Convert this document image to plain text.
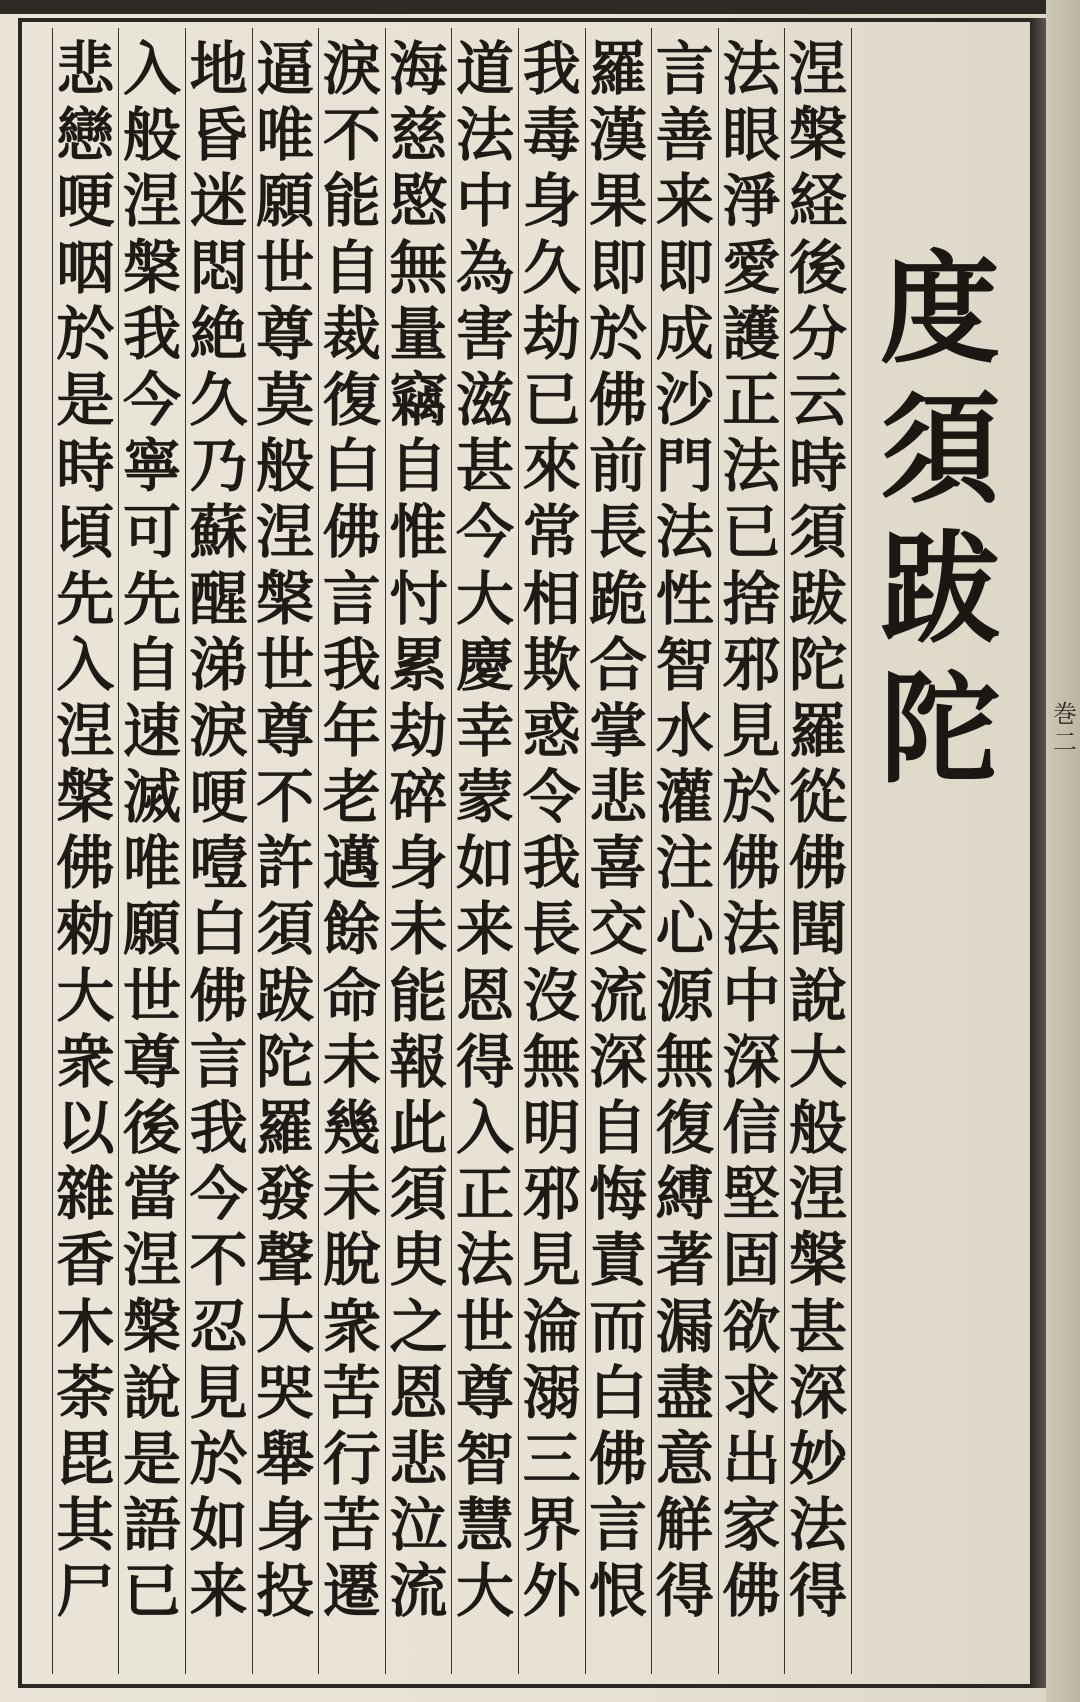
巻二
度
須
跋
陀
涅
槃
経
後
分
云
時
須
跋
陀
羅
從
佛
聞
說
大
般
涅
槃
甚
深
妙
法
得
法
眼
淨
愛
護
正
法
已
捨
邪
見
於
佛
法
中
深
信
堅
固
欲
求
出
家
佛
言
善
来
即
成
沙
門
法
性
智
水
灌
注
心
源
無
復
縛
著
漏
盡
意
觧
得
羅
漢
果
即
於
佛
前
長
跪
合
掌
悲
喜
交
流
深
自
悔
責
而
白
佛
言
恨
我
毒
身
久
劫
已
來
常
相
欺
惑
令
我
長
沒
無
明
邪
見
淪
溺
三
界
外
道
法
中
為
害
滋
甚
今
大
慶
幸
蒙
如
来
恩
得
入
正
法
世
尊
智
慧
大
海
慈
愍
無
量
竊
自
惟
忖
累
劫
碎
身
未
能
報
此
須
㬰
之
恩
悲
泣
流
淚
不
能
自
裁
復
白
佛
言
我
年
老
邁
餘
命
未
幾
未
脫
衆
苦
行
苦
遷
逼
唯
願
世
尊
莫
般
涅
槃
世
尊
不
許
須
跋
陀
羅
發
聲
大
哭
舉
身
投
地
昏
迷
悶
絶
久
乃
蘇
醒
涕
淚
哽
噎
白
佛
言
我
今
不
忍
見
於
如
来
入
般
涅
槃
我
今
寧
可
先
自
速
滅
唯
願
世
尊
後
當
涅
槃
說
是
語
已
悲
戀
哽
咽
於
是
時
頃
先
入
涅
槃
佛
勑
大
衆
以
雜
香
木
荼
毘
其
尸
